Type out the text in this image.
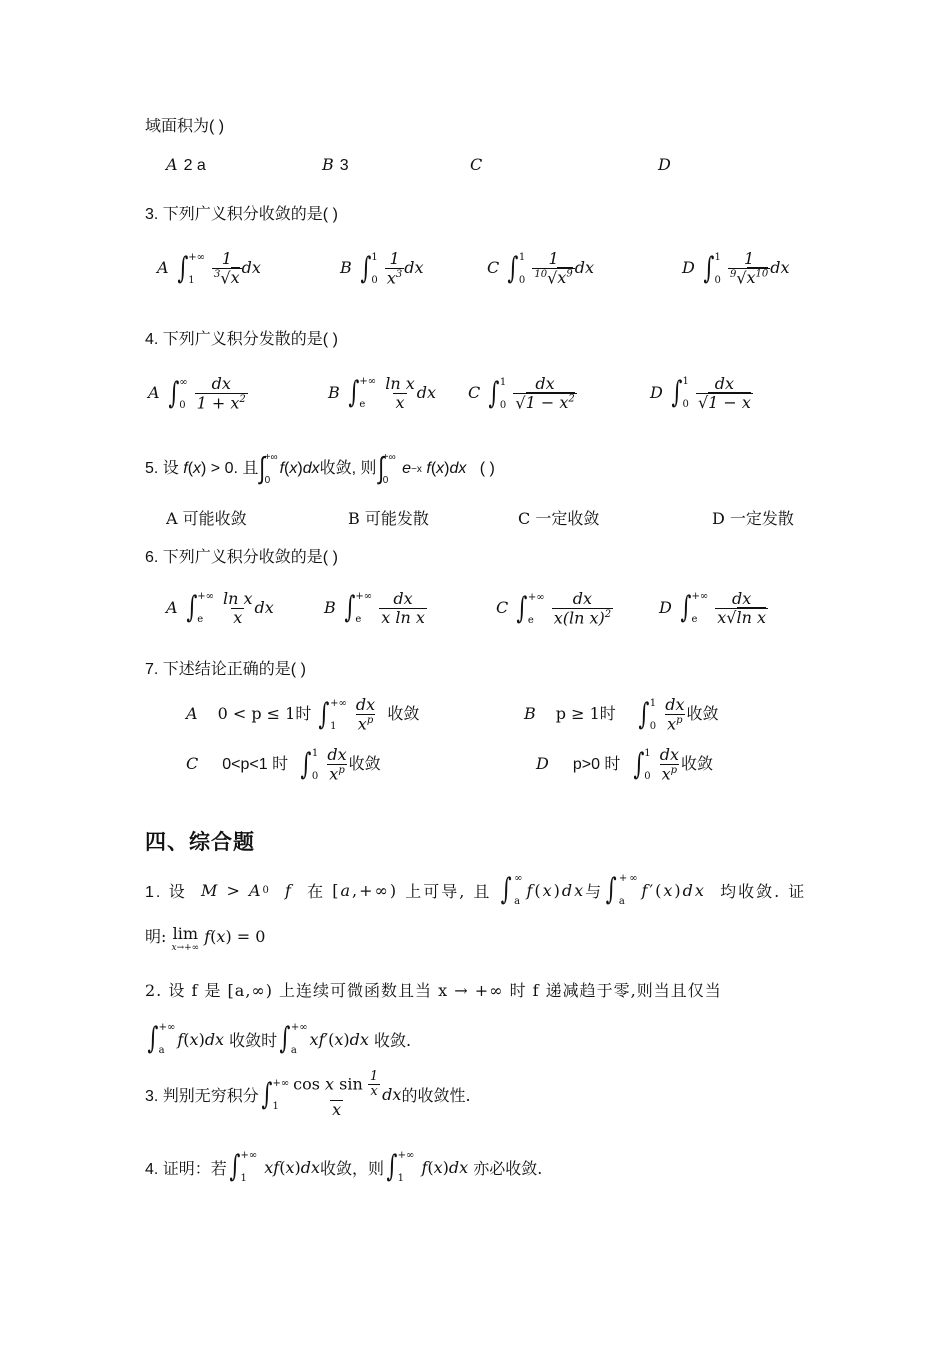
域面积为( )
A 2 a	B 3	C	D
3. 下列广义积分收敛的是( )
A ∫ +∞
1
	$\frac{1}{^3√x}$ dx	B ∫ 1
0
$\frac{1}{x^3}$ dx	C ∫ 1
0
$\frac{1}{^{10}√x^9}$ dx	D ∫ 1
0
$\frac{1}{^9√x^{10}}$ dx
4. 下列广义积分发散的是( )
A ∫ ∞
0
$\frac{dx}{1 + x^2}$	B ∫ +∞
e
	$\frac{\text{ln x}}{x}$ dx C ∫ 1
0
$\frac{dx}{√1 - x^2}$	D ∫ 1
0
$\frac{dx}{√1 - x}$
5. 设
f ( x ) > 0 . 且 ∫ +∞
0
f ( x ) dx 收敛, 则 ∫ +∞
0

e −x
f ( x ) dx
( )
A 可能收敛	B 可能发散	C 一定收敛	D 一定发散
6. 下列广义积分收敛的是( )
A ∫ +∞
e
	$\frac{\text{ln x}}{x}$ dx	B ∫ +∞
e
	$\frac{dx}{\text{x ln x}}$	C ∫ +∞
e
	$\frac{dx}{x(\ln x)^2}$	D ∫ +∞
e
	$\frac{dx}{\text{x√ln x}}$
7. 下述结论正确的是( )
A 0 < p ≤ 1时 ∫ +∞
1
	$\frac{dx}{x^p}$ 收敛	B p ≥ 1时 ∫ 1
0
$\frac{dx}{x^p}$ 收敛
C 0<p<1 时 ∫ 1
0
$\frac{dx}{x^p}$ 收敛	D p>0 时 ∫ 1
0
$\frac{dx}{x^p}$ 收敛
四、综合题
1. 设
M > A 0
f
在 [ a ,+∞) 上可导, 且
∫ ∞
a
f ( x ) dx 与 ∫ +∞
a
f ′( x ) dx
均收敛. 证
明: lim
x→+∞
f(x) = 0
2. 设 f 是 [a,∞) 上连续可微函数且当 x → +∞ 时 f 递减趋于零,则当且仅当
∫ +∞
a
f ( x ) dx
收敛时 ∫ +∞
a
xf ′( x ) dx
收敛.
3. 判别无穷积分 ∫ +∞
$1 \frac{\cos x \sin \frac{1}{x}}{x}$ dx 的收敛性.
4. 证明：若 ∫ +∞
1

xf ( x ) dx 收敛，则 ∫ +∞
1

f ( x ) dx
亦必收敛.
